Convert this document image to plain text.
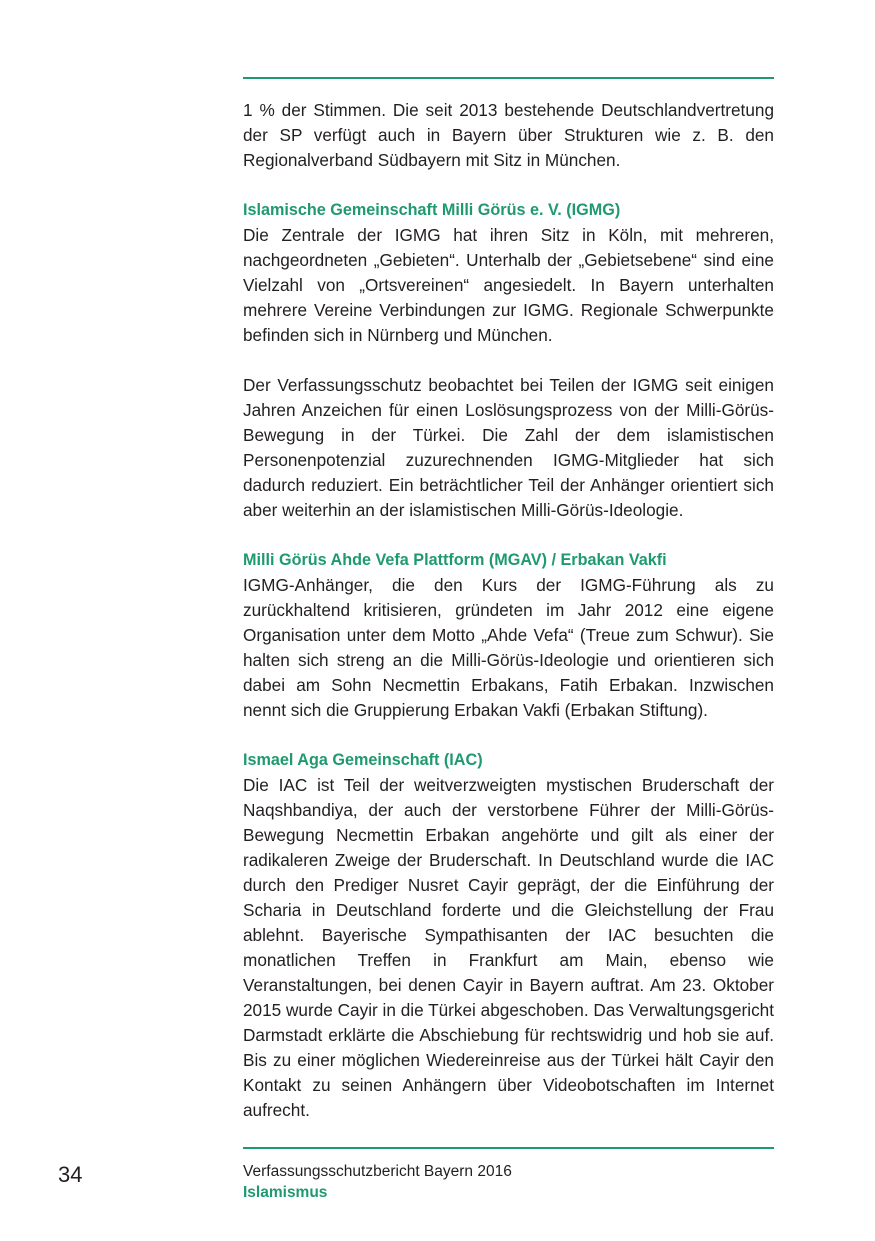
1 % der Stimmen. Die seit 2013 bestehende Deutschlandvertretung der SP verfügt auch in Bayern über Strukturen wie z. B. den Regionalverband Südbayern mit Sitz in München.

Islamische Gemeinschaft Milli Görüs e. V. (IGMG)

Die Zentrale der IGMG hat ihren Sitz in Köln, mit mehreren, nachgeordneten „Gebieten“. Unterhalb der „Gebietsebene“ sind eine Vielzahl von „Ortsvereinen“ angesiedelt. In Bayern unterhalten mehrere Vereine Verbindungen zur IGMG. Regionale Schwerpunkte befinden sich in Nürnberg und München.

Der Verfassungsschutz beobachtet bei Teilen der IGMG seit einigen Jahren Anzeichen für einen Loslösungsprozess von der Milli-Görüs-Bewegung in der Türkei. Die Zahl der dem islamistischen Personenpotenzial zuzurechnenden IGMG-Mitglieder hat sich dadurch reduziert. Ein beträchtlicher Teil der Anhänger orientiert sich aber weiterhin an der islamistischen Milli-Görüs-Ideologie.

Milli Görüs Ahde Vefa Plattform (MGAV) / Erbakan Vakfi

IGMG-Anhänger, die den Kurs der IGMG-Führung als zu zurückhaltend kritisieren, gründeten im Jahr 2012 eine eigene Organisation unter dem Motto „Ahde Vefa“ (Treue zum Schwur). Sie halten sich streng an die Milli-Görüs-Ideologie und orientieren sich dabei am Sohn Necmettin Erbakans, Fatih Erbakan. Inzwischen nennt sich die Gruppierung Erbakan Vakfi (Erbakan Stiftung).

Ismael Aga Gemeinschaft (IAC)

Die IAC ist Teil der weitverzweigten mystischen Bruderschaft der Naqshbandiya, der auch der verstorbene Führer der Milli-Görüs-Bewegung Necmettin Erbakan angehörte und gilt als einer der radikaleren Zweige der Bruderschaft. In Deutschland wurde die IAC durch den Prediger Nusret Cayir geprägt, der die Einführung der Scharia in Deutschland forderte und die Gleichstellung der Frau ablehnt. Bayerische Sympathisanten der IAC besuchten die monatlichen Treffen in Frankfurt am Main, ebenso wie Veranstaltungen, bei denen Cayir in Bayern auftrat. Am 23. Oktober 2015 wurde Cayir in die Türkei abgeschoben. Das Verwaltungsgericht Darmstadt erklärte die Abschiebung für rechtswidrig und hob sie auf. Bis zu einer möglichen Wiedereinreise aus der Türkei hält Cayir den Kontakt zu seinen Anhängern über Videobotschaften im Internet aufrecht.

34	Verfassungsschutzbericht Bayern 2016
Islamismus
